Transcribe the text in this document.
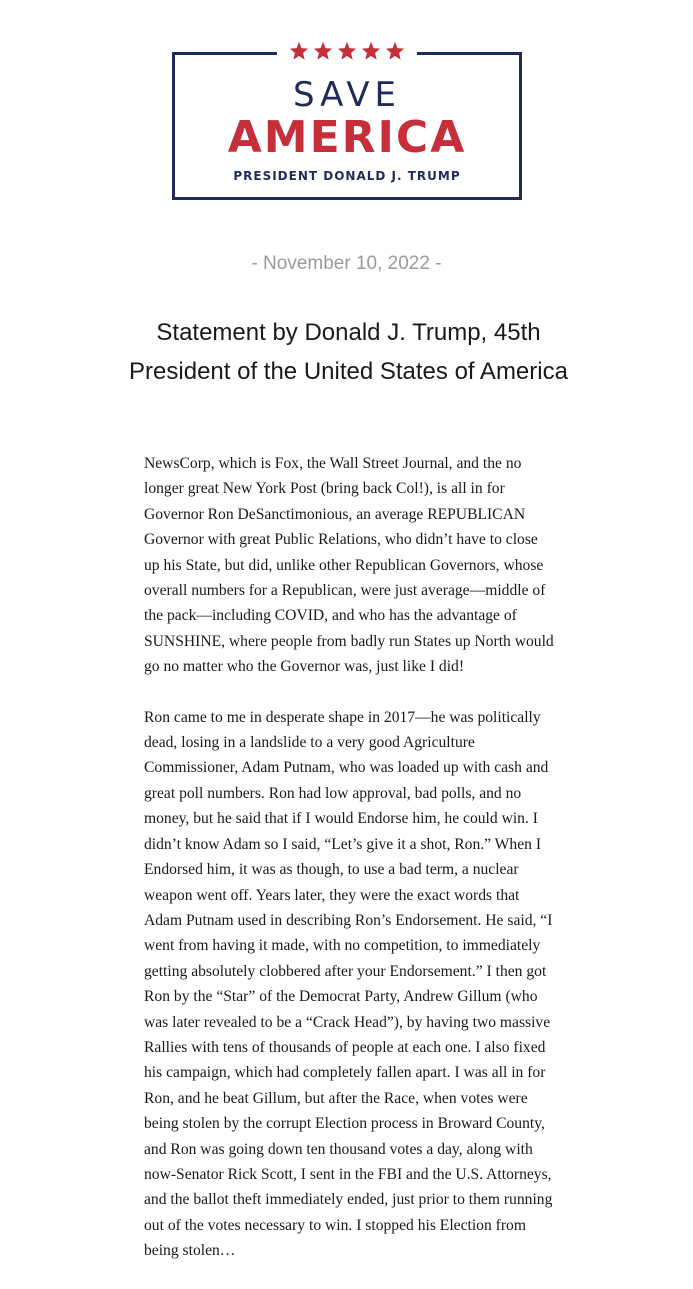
SAVE
AMERICA
PRESIDENT DONALD J. TRUMP
- November 10, 2022 -
Statement by Donald J. Trump, 45th President of the United States of America

NewsCorp, which is Fox, the Wall Street Journal, and the no longer great New York Post (bring back Col!), is all in for Governor Ron DeSanctimonious, an average REPUBLICAN Governor with great Public Relations, who didn’t have to close up his State, but did, unlike other Republican Governors, whose overall numbers for a Republican, were just average—middle of the pack—including COVID, and who has the advantage of SUNSHINE, where people from badly run States up North would go no matter who the Governor was, just like I did!

Ron came to me in desperate shape in 2017—he was politically dead, losing in a landslide to a very good Agriculture Commissioner, Adam Putnam, who was loaded up with cash and great poll numbers. Ron had low approval, bad polls, and no money, but he said that if I would Endorse him, he could win. I didn’t know Adam so I said, “Let’s give it a shot, Ron.” When I Endorsed him, it was as though, to use a bad term, a nuclear weapon went off. Years later, they were the exact words that Adam Putnam used in describing Ron’s Endorsement. He said, “I went from having it made, with no competition, to immediately getting absolutely clobbered after your Endorsement.” I then got Ron by the “Star” of the Democrat Party, Andrew Gillum (who was later revealed to be a “Crack Head”), by having two massive Rallies with tens of thousands of people at each one. I also fixed his campaign, which had completely fallen apart. I was all in for Ron, and he beat Gillum, but after the Race, when votes were being stolen by the corrupt Election process in Broward County, and Ron was going down ten thousand votes a day, along with now-Senator Rick Scott, I sent in the FBI and the U.S. Attorneys, and the ballot theft immediately ended, just prior to them running out of the votes necessary to win. I stopped his Election from being stolen…
